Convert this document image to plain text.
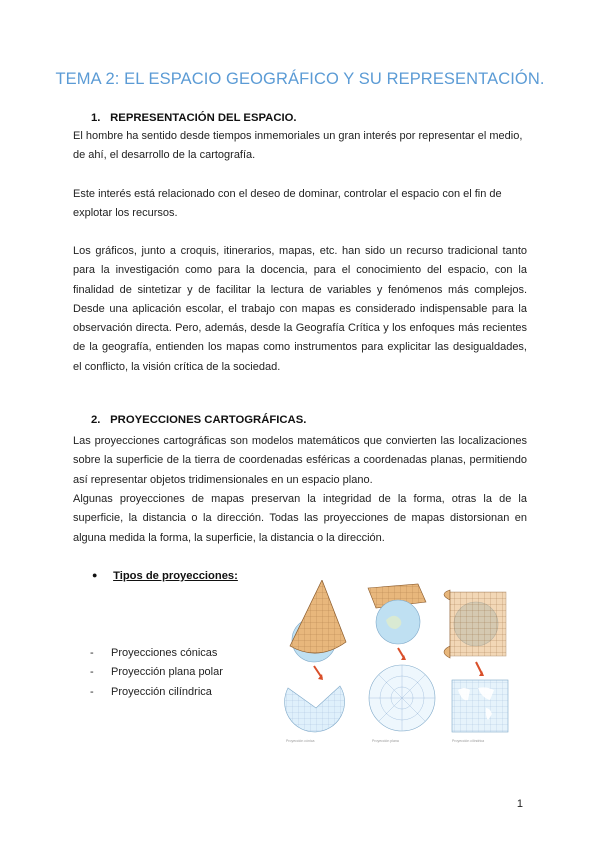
TEMA 2: EL ESPACIO GEOGRÁFICO Y SU REPRESENTACIÓN.
1. REPRESENTACIÓN DEL ESPACIO.
El hombre ha sentido desde tiempos inmemoriales un gran interés por representar el medio,
de ahí, el desarrollo de la cartografía.
Este interés está relacionado con el deseo de dominar, controlar el espacio con el fin de
explotar los recursos.
Los gráficos, junto a croquis, itinerarios, mapas, etc. han sido un recurso tradicional tanto para la investigación como para la docencia, para el conocimiento del espacio, con la finalidad de sintetizar y de facilitar la lectura de variables y fenómenos más complejos. Desde una aplicación escolar, el trabajo con mapas es considerado indispensable para la observación directa. Pero, además, desde la Geografía Crítica y los enfoques más recientes de la geografía, entienden los mapas como instrumentos para explicitar las desigualdades, el conflicto, la visión crítica de la sociedad.
2. PROYECCIONES CARTOGRÁFICAS.
Las proyecciones cartográficas son modelos matemáticos que convierten las localizaciones sobre la superficie de la tierra de coordenadas esféricas a coordenadas planas, permitiendo así representar objetos tridimensionales en un espacio plano.
Algunas proyecciones de mapas preservan la integridad de la forma, otras la de la superficie, la distancia o la dirección. Todas las proyecciones de mapas distorsionan en alguna medida la forma, la superficie, la distancia o la dirección.
● Tipos de proyecciones:
- Proyecciones cónicas
- Proyección plana polar
- Proyección cilíndrica
Proyección cónica	Proyección plana	Proyección cilíndrica
1
